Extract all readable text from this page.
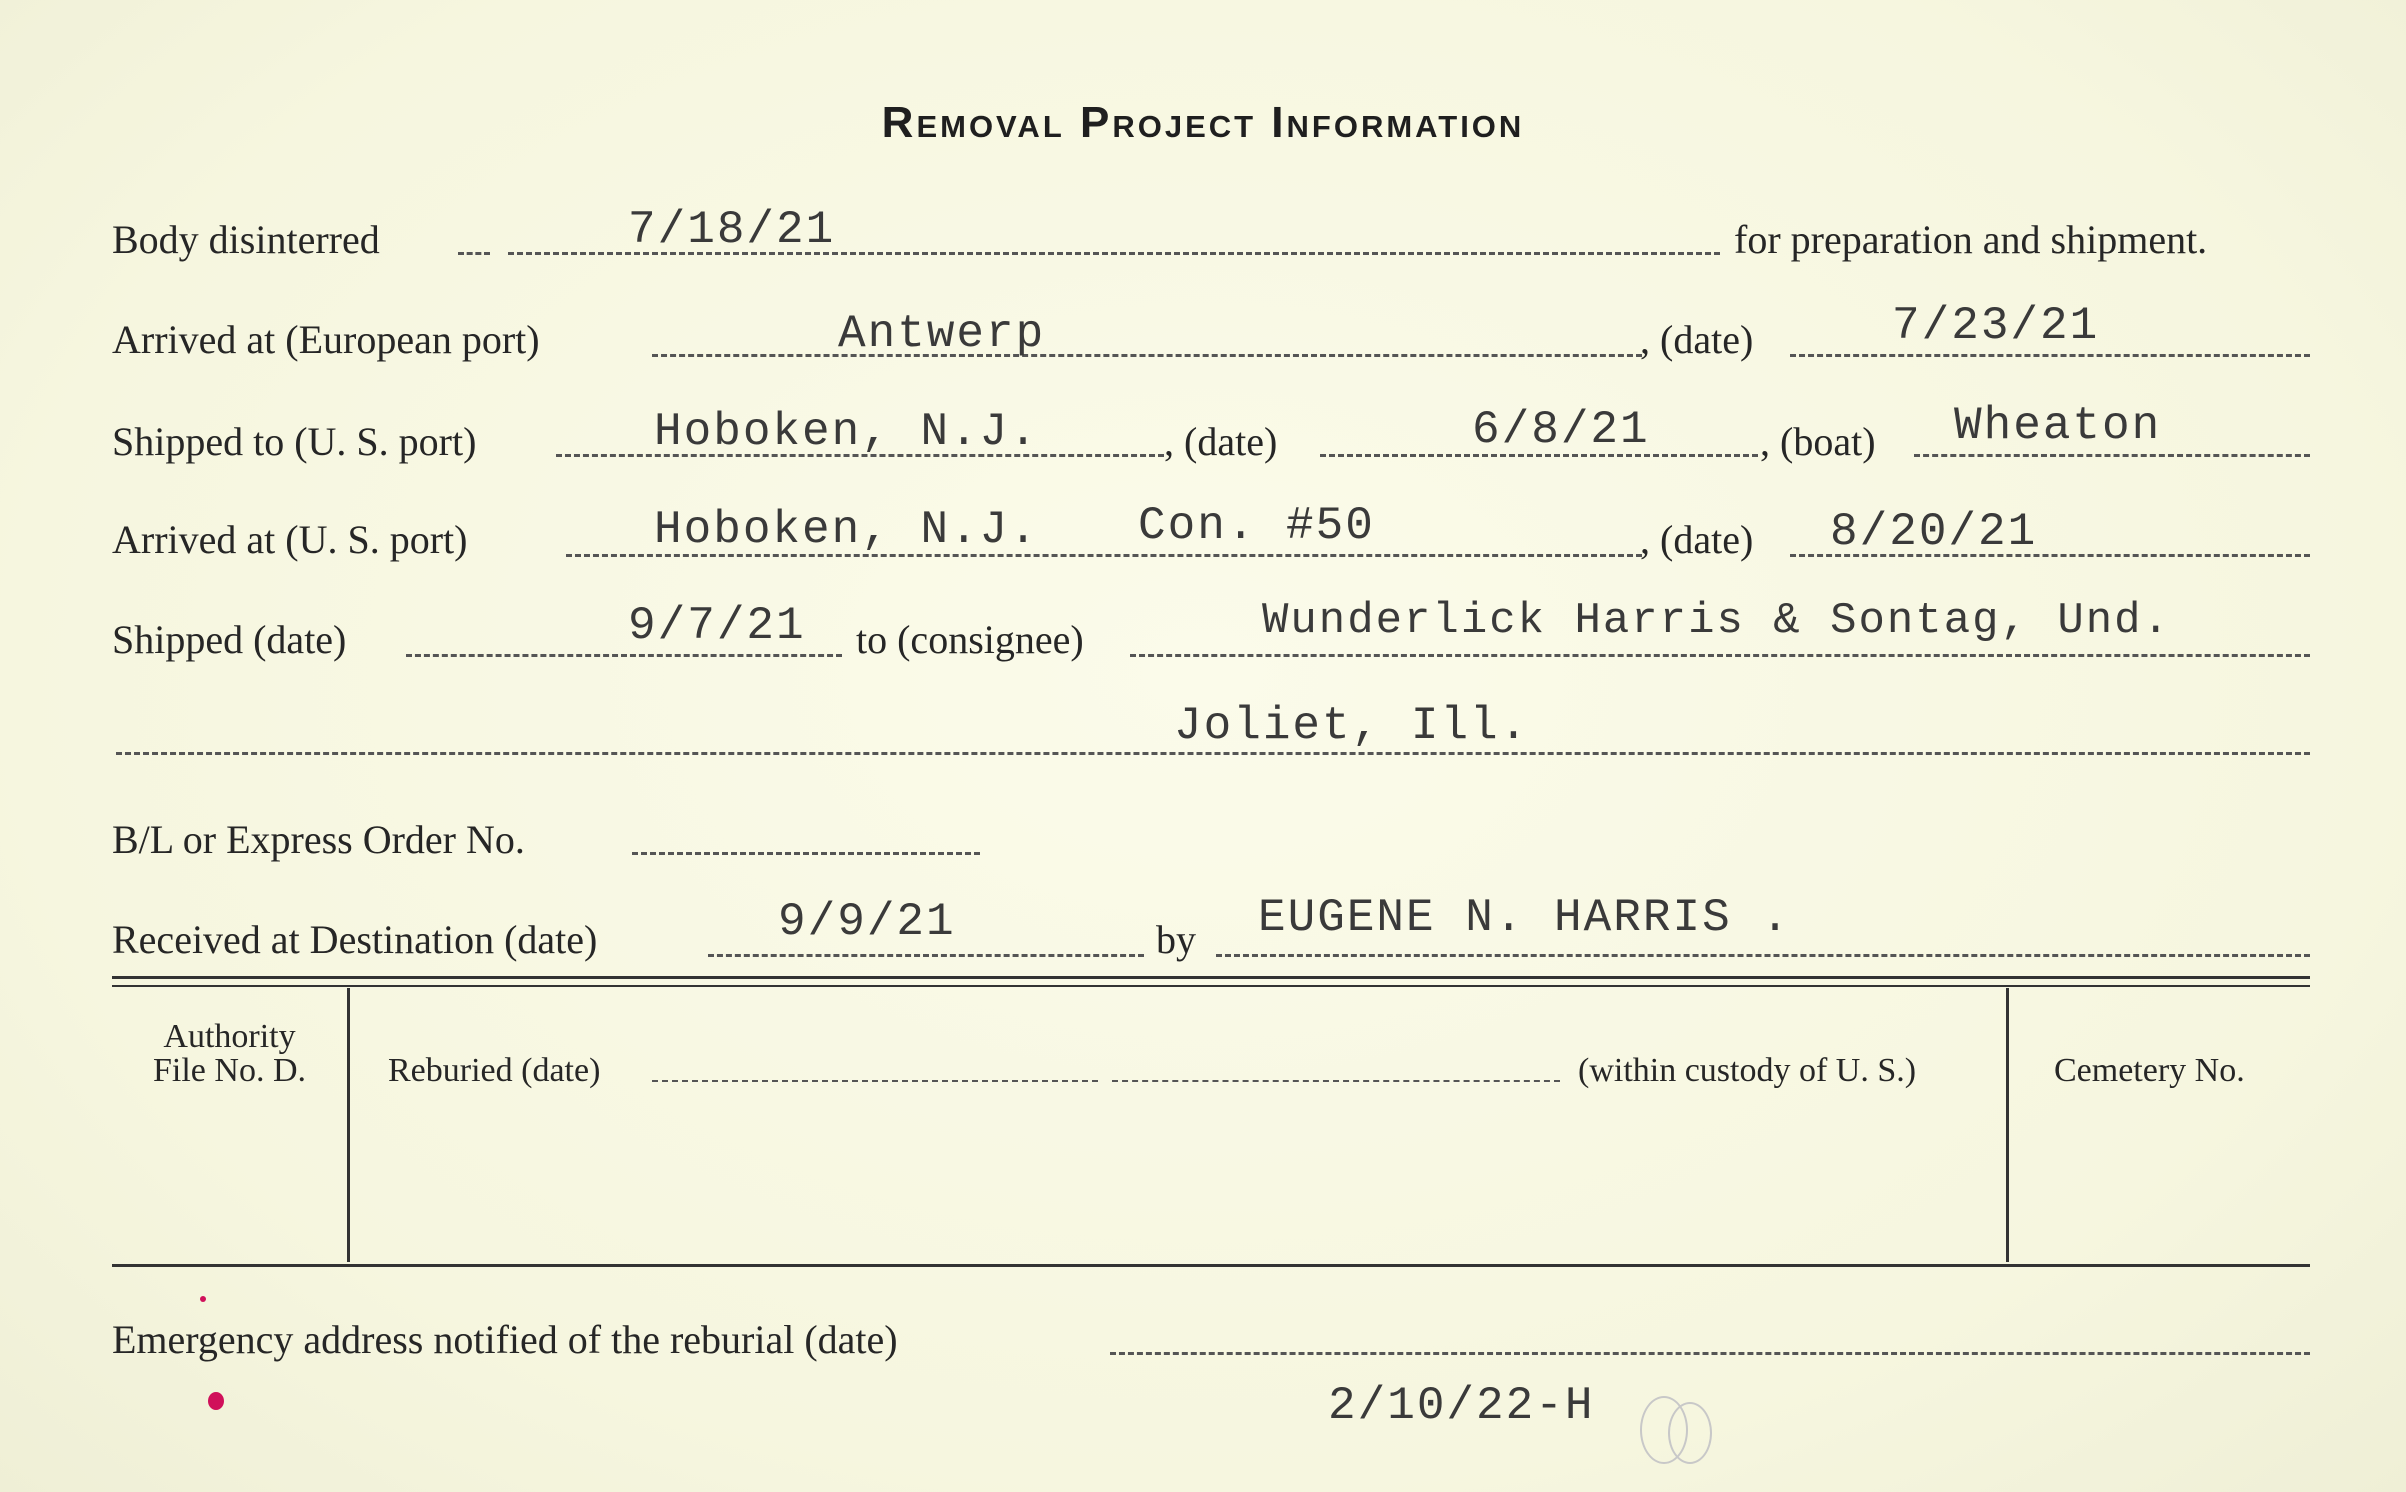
Removal Project Information
Body disinterred	7/18/21	for preparation and shipment.
Arrived at (European port)	Antwerp	, (date)	7/23/21
Shipped to (U. S. port)	Hoboken, N.J.	, (date)	6/8/21	, (boat) Wheaton
Arrived at (U. S. port)	Hoboken, N.J. Con. #50	, (date) 8/20/21
Shipped (date)	9/7/21 to (consignee)	Wunderlick Harris & Sontag, Und.
Joliet, Ill.
B/L or Express Order No.
Received at Destination (date)	9/9/21	by EUGENE N. HARRIS .
Authority
File No. D.	Reburied (date)	(within custody of U. S.)	Cemetery No.
Emergency address notified of the reburial (date)
2/10/22-H
